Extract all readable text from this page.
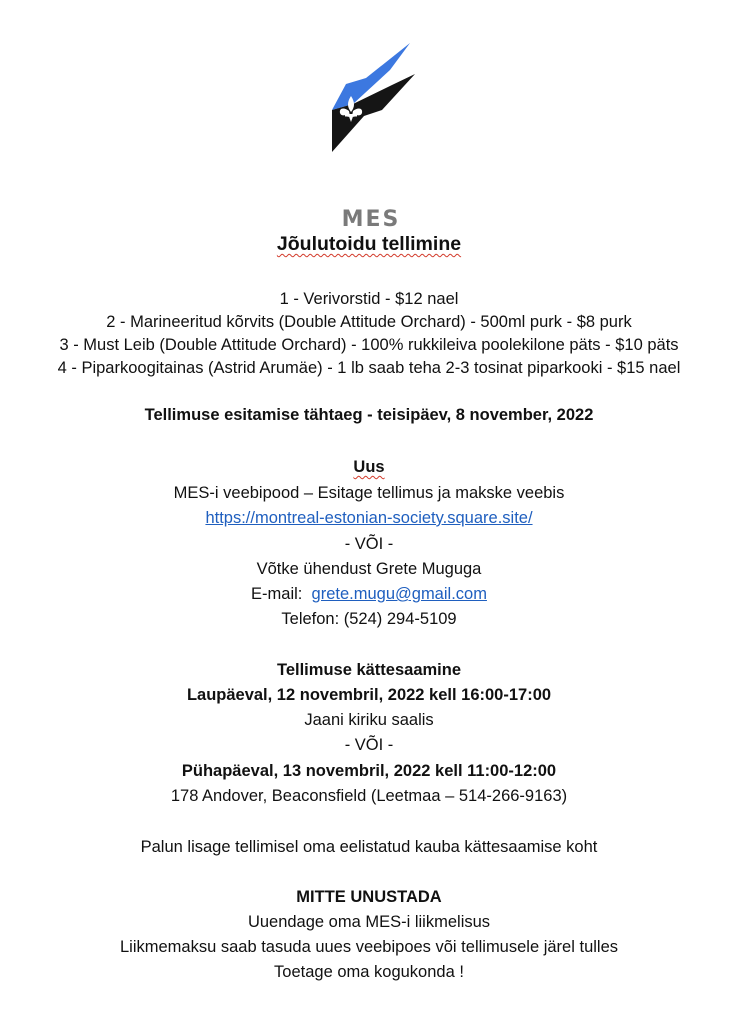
MES
Jõulutoidu tellimine
1 - Verivorstid - $12 nael
2 - Marineeritud kõrvits (Double Attitude Orchard) - 500ml purk - $8 purk
3 - Must Leib (Double Attitude Orchard) - 100% rukkileiva poolekilone päts - $10 päts
4 - Piparkoogitainas (Astrid Arumäe) - 1 lb saab teha 2-3 tosinat piparkooki - $15 nael
Tellimuse esitamise tähtaeg - teisipäev, 8 november, 2022
Uus
MES-i veebipood – Esitage tellimus ja makske veebis
https://montreal-estonian-society.square.site/
- VÕI -
Võtke ühendust Grete Muguga
E-mail: grete.mugu@gmail.com
Telefon: (524) 294-5109
Tellimuse kättesaamine
Laupäeval, 12 novembril, 2022 kell 16:00-17:00
Jaani kiriku saalis
- VÕI -
Pühapäeval, 13 novembril, 2022 kell 11:00-12:00
178 Andover, Beaconsfield (Leetmaa – 514-266-9163)
Palun lisage tellimisel oma eelistatud kauba kättesaamise koht
MITTE UNUSTADA
Uuendage oma MES-i liikmelisus
Liikmemaksu saab tasuda uues veebipoes või tellimusele järel tulles
Toetage oma kogukonda !
